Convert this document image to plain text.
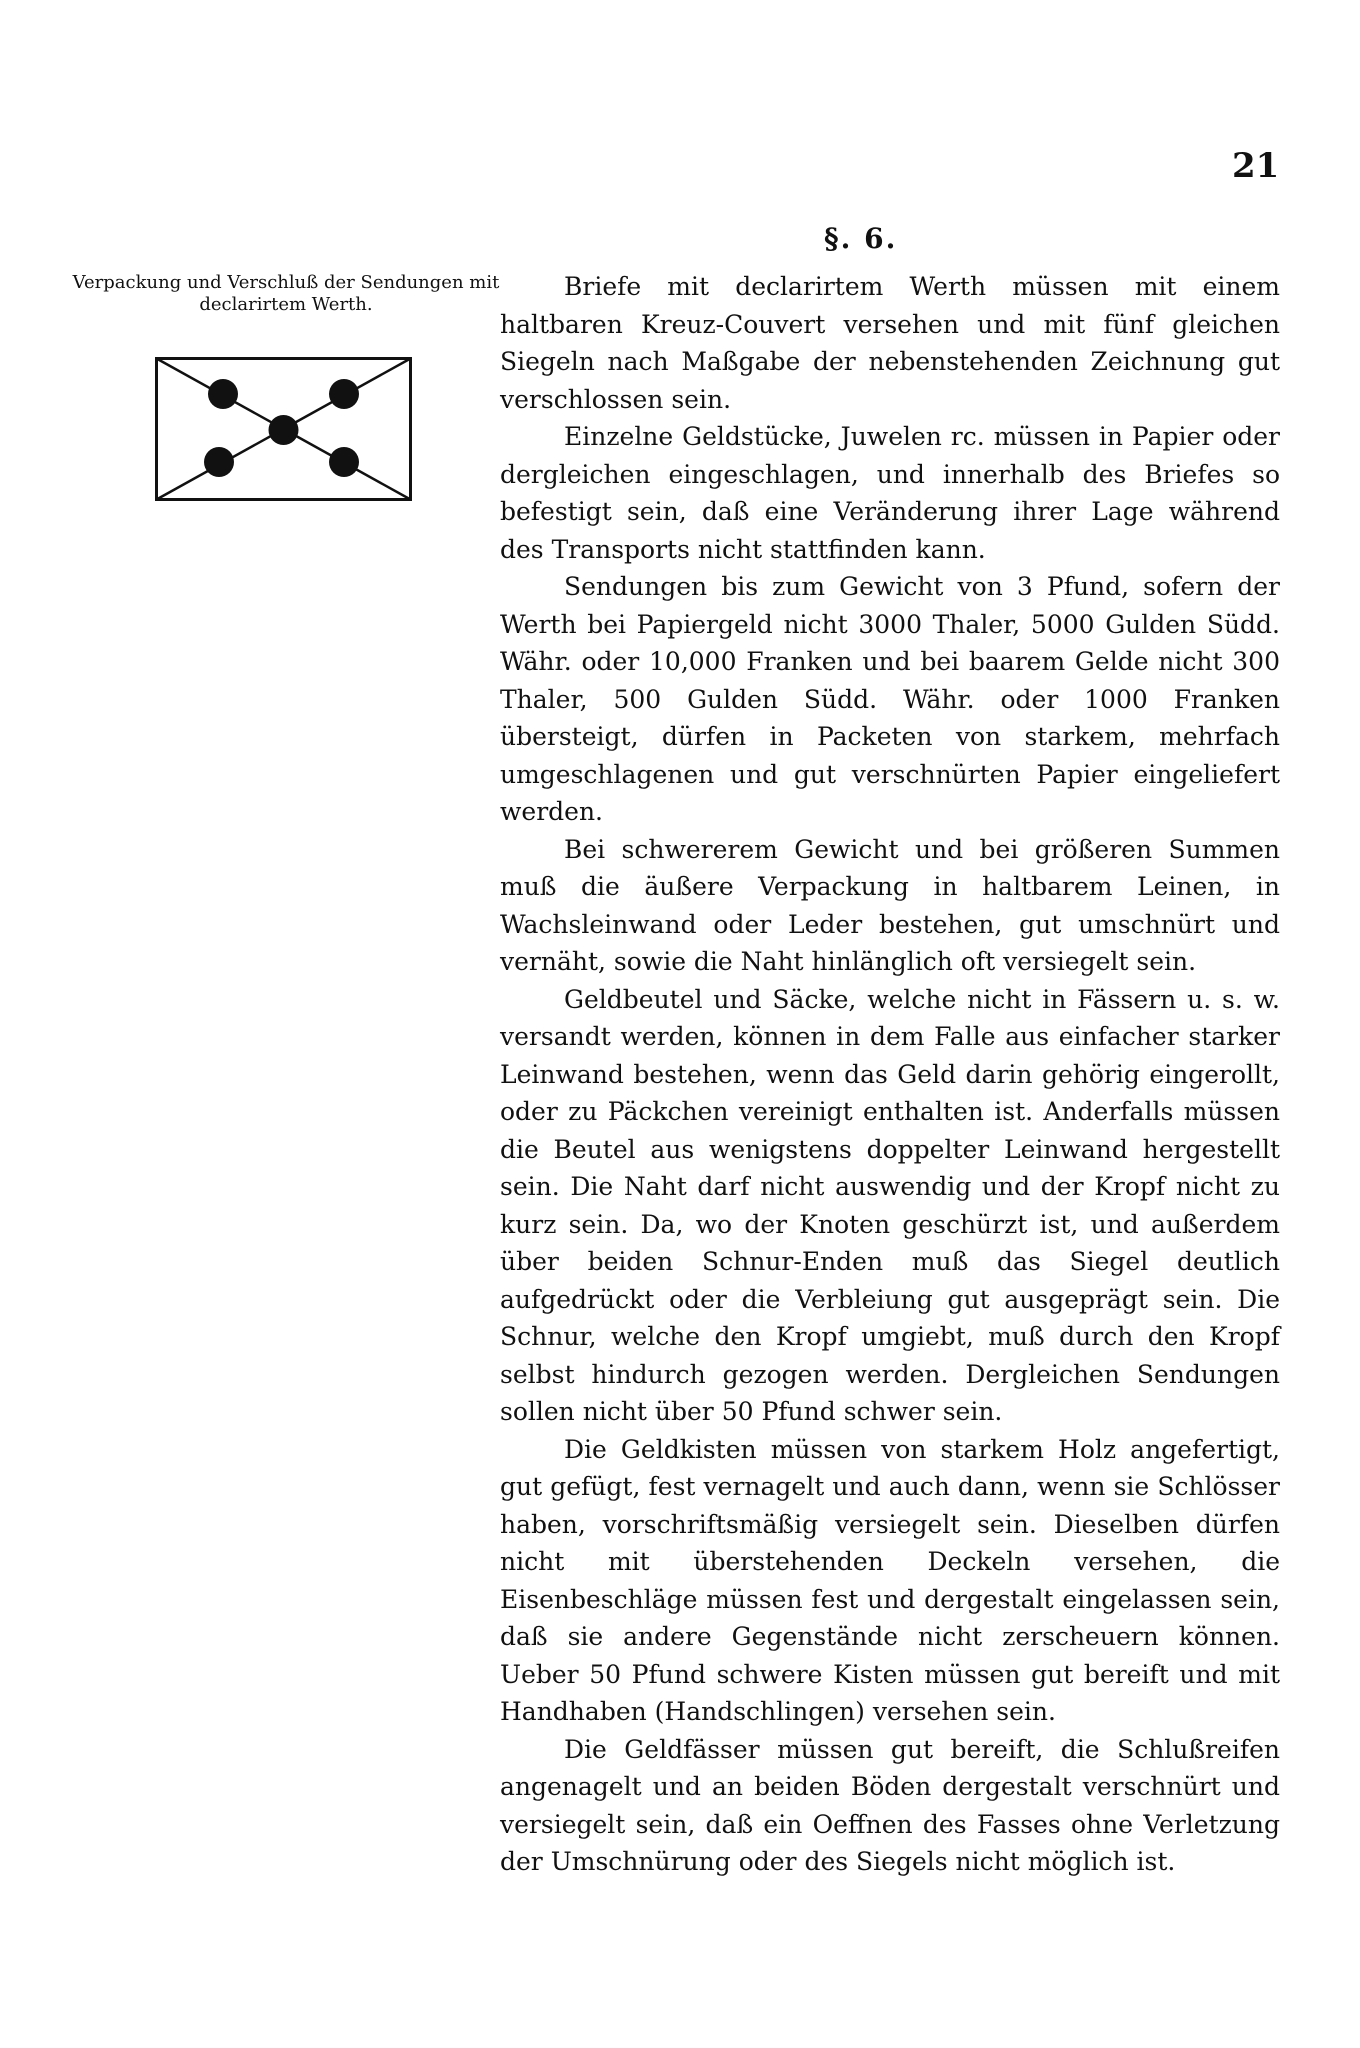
21
§. 6.
Verpackung und Verschluß der Sendungen mit declarirtem Werth.

Briefe mit declarirtem Werth müssen mit einem haltbaren Kreuz-Couvert versehen und mit fünf gleichen Siegeln nach Maßgabe der nebenstehenden Zeichnung gut verschlossen sein.

Einzelne Geldstücke, Juwelen rc. müssen in Papier oder dergleichen eingeschlagen, und innerhalb des Briefes so befestigt sein, daß eine Veränderung ihrer Lage während des Transports nicht stattfinden kann.

Sendungen bis zum Gewicht von 3 Pfund, sofern der Werth bei Papiergeld nicht 3000 Thaler, 5000 Gulden Südd. Währ. oder 10,000 Franken und bei baarem Gelde nicht 300 Thaler, 500 Gulden Südd. Währ. oder 1000 Franken übersteigt, dürfen in Packeten von starkem, mehrfach umgeschlagenen und gut verschnürten Papier eingeliefert werden.

Bei schwererem Gewicht und bei größeren Summen muß die äußere Verpackung in haltbarem Leinen, in Wachsleinwand oder Leder bestehen, gut umschnürt und vernäht, sowie die Naht hinlänglich oft versiegelt sein.

Geldbeutel und Säcke, welche nicht in Fässern u. s. w. versandt werden, können in dem Falle aus einfacher starker Leinwand bestehen, wenn das Geld darin gehörig eingerollt, oder zu Päckchen vereinigt enthalten ist. Anderfalls müssen die Beutel aus wenigstens doppelter Leinwand hergestellt sein. Die Naht darf nicht auswendig und der Kropf nicht zu kurz sein. Da, wo der Knoten geschürzt ist, und außerdem über beiden Schnur-Enden muß das Siegel deutlich aufgedrückt oder die Verbleiung gut ausgeprägt sein. Die Schnur, welche den Kropf umgiebt, muß durch den Kropf selbst hindurch gezogen werden. Dergleichen Sendungen sollen nicht über 50 Pfund schwer sein.

Die Geldkisten müssen von starkem Holz angefertigt, gut gefügt, fest vernagelt und auch dann, wenn sie Schlösser haben, vorschriftsmäßig versiegelt sein. Dieselben dürfen nicht mit überstehenden Deckeln versehen, die Eisenbeschläge müssen fest und dergestalt eingelassen sein, daß sie andere Gegenstände nicht zerscheuern können. Ueber 50 Pfund schwere Kisten müssen gut bereift und mit Handhaben (Handschlingen) versehen sein.

Die Geldfässer müssen gut bereift, die Schlußreifen angenagelt und an beiden Böden dergestalt verschnürt und versiegelt sein, daß ein Oeffnen des Fasses ohne Verletzung der Umschnürung oder des Siegels nicht möglich ist.
